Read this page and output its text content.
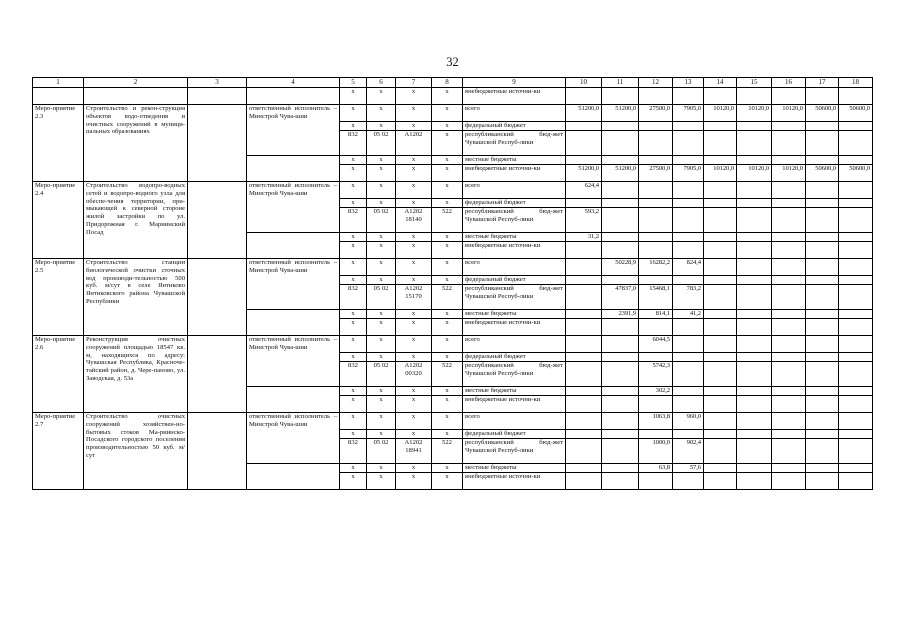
32
1	2	3	4	5	6	7	8	9	10	11	12	13	14	15	16	17	18
				x	x	x	x	внебюджетные источни-ки									
Меро-приятие 2.3	Строительство и рекон-струкция объектов водо-отведения и очистных сооружений в муници-пальных образованиях		ответственный исполнитель – Минстрой Чува-шии	x	x	x	x	всего	51200,0	51200,0	27500,0	7905,0	10120,0	10120,0	10120,0	50600,0	50600,0
				x	x	x	x	федеральный бюджет									
				832	05 02	A1202	x	республиканский бюд-жет Чувашской Респуб-лики									
				x	x	x	x	местные бюджеты									
				x	x	x	x	внебюджетные источни-ки	51200,0	51200,0	27500,0	7905,0	10120,0	10120,0	10120,0	50600,0	50600,0
Меро-приятие 2.4	Строительство водопро-водных сетей и водопро-водного узла для обеспе-чения территории, при-мыкающей к северной стороне жилой застройки по ул. Придорожная г. Мариинский Посад		ответственный исполнитель – Минстрой Чува-шии	x	x	x	x	всего	624,4								
				x	x	x	x	федеральный бюджет									
				832	05 02	A1202 18140	522	республиканский бюд-жет Чувашской Респуб-лики	593,2								
				x	x	x	x	местные бюджеты	31,2								
				x	x	x	x	внебюджетные источни-ки									
Меро-приятие 2.5	Строительство станции биологической очистки сточных вод производи-тельностью 500 куб. м/сут в селе Янтиково Янтиковского района Чувашской Республики		ответственный исполнитель – Минстрой Чува-шии	x	x	x	x	всего		50228,9	16282,2	824,4					
				x	x	x	x	федеральный бюджет									
				832	05 02	A1202 15170	522	республиканский бюд-жет Чувашской Респуб-лики		47837,0	15468,1	783,2					
				x	x	x	x	местные бюджеты		2391,9	814,1	41,2					
				x	x	x	x	внебюджетные источни-ки									
Меро-приятие 2.6	Реконструкция очистных сооружений площадью 18547 кв. м, находящихся по адресу: Чувашская Республика, Красноче-тайский район, д. Чере-паново, ул. Заводская, д. 53а		ответственный исполнитель – Минстрой Чува-шии	x	x	x	x	всего			6044,5						
				x	x	x	x	федеральный бюджет									
				832	05 02	A1202 00320	522	республиканский бюд-жет Чувашской Респуб-лики			5742,3						
				x	x	x	x	местные бюджеты			302,2						
				x	x	x	x	внебюджетные источни-ки									
Меро-приятие 2.7	Строительство очистных сооружений хозяйствен-но-бытовых стоков Ма-риинско-Посадского городского поселения производительностью 50 куб. м/сут		ответственный исполнитель – Минстрой Чува-шии	x	x	x	x	всего			1063,8	960,0					
				x	x	x	x	федеральный бюджет									
				832	05 02	A1202 18941	522	республиканский бюд-жет Чувашской Респуб-лики			1000,0	902,4					
				x	x	x	x	местные бюджеты			63,8	57,6					
				x	x	x	x	внебюджетные источни-ки									
